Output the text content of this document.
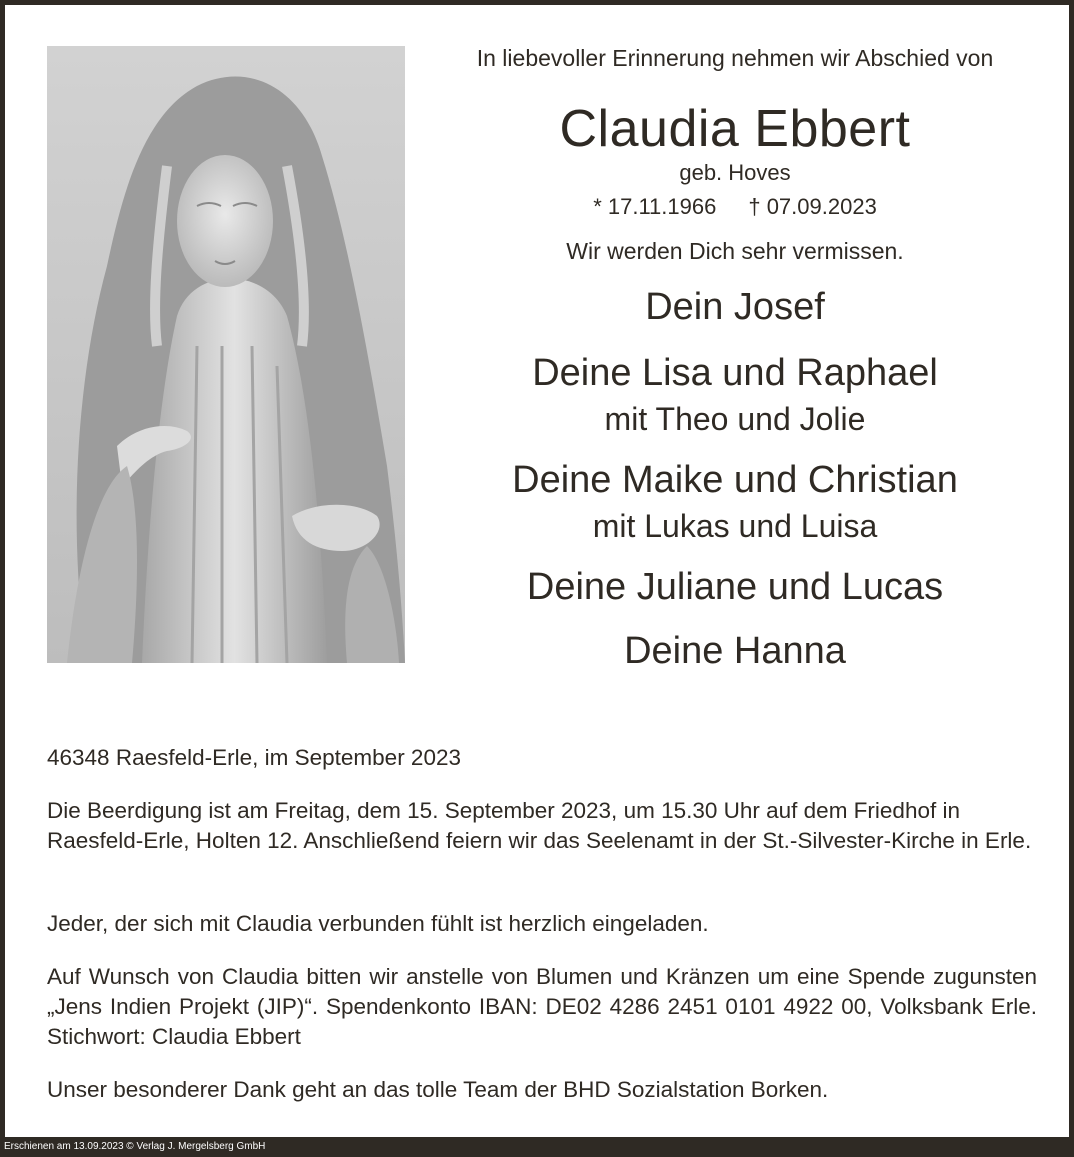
In liebevoller Erinnerung nehmen wir Abschied von
Claudia Ebbert
geb. Hoves
* 17.11.1966 † 07.09.2023
Wir werden Dich sehr vermissen.
Dein Josef
Deine Lisa und Raphael
mit Theo und Jolie
Deine Maike und Christian
mit Lukas und Luisa
Deine Juliane und Lucas
Deine Hanna
46348 Raesfeld-Erle, im September 2023
Die Beerdigung ist am Freitag, dem 15. September 2023, um 15.30 Uhr auf dem Friedhof in Raesfeld-Erle, Holten 12. Anschließend feiern wir das Seelenamt in der St.-Silvester-Kirche in Erle.
Jeder, der sich mit Claudia verbunden fühlt ist herzlich eingeladen.
Auf Wunsch von Claudia bitten wir anstelle von Blumen und Kränzen um eine Spende zugunsten „Jens Indien Projekt (JIP)“. Spendenkonto IBAN: DE02 4286 2451 0101 4922 00, Volksbank Erle. Stichwort: Claudia Ebbert
Unser besonderer Dank geht an das tolle Team der BHD Sozialstation Borken.
Erschienen am 13.09.2023 © Verlag J. Mergelsberg GmbH
